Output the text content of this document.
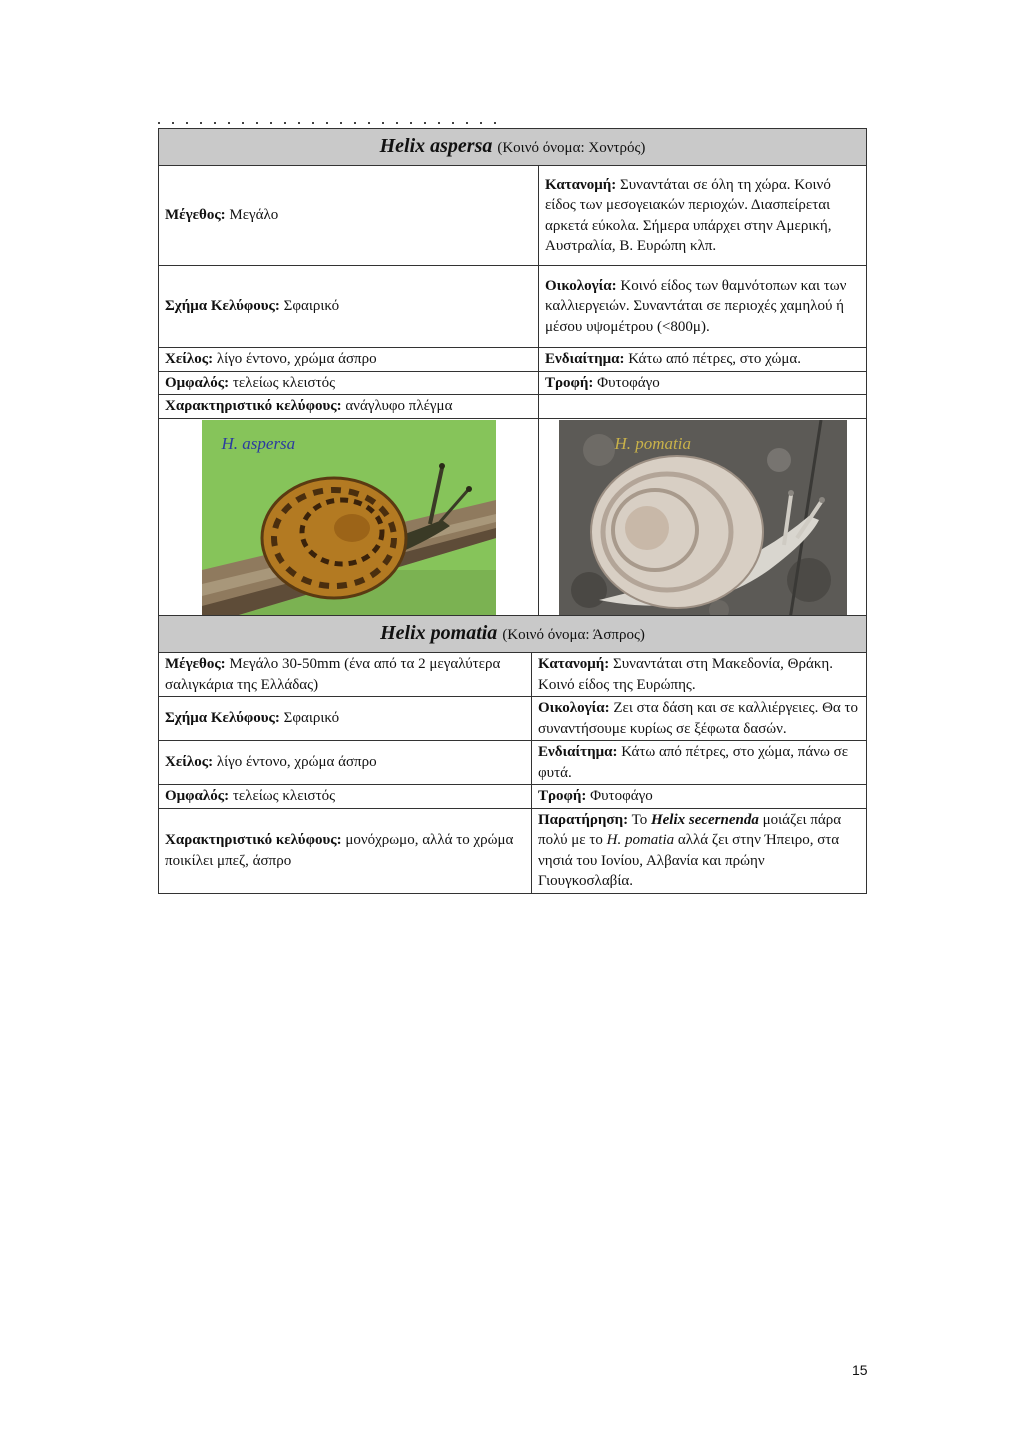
Helix aspersa (Κοινό όνομα: Χοντρός)	
Μέγεθος: Μεγάλο	Κατανομή: Συναντάται σε όλη τη χώρα. Κοινό είδος των μεσογειακών περιοχών. Διασπείρεται αρκετά εύκολα. Σήμερα υπάρχει στην Αμερική, Αυστραλία, Β. Ευρώπη κλπ.
Σχήμα Κελύφους: Σφαιρικό	Οικολογία: Κοινό είδος των θαμνότοπων και των καλλιεργειών. Συναντάται σε περιοχές χαμηλού ή μέσου υψομέτρου (<800μ).
Χείλος: λίγο έντονο, χρώμα άσπρο	Ενδιαίτημα: Κάτω από πέτρες, στο χώμα.
Ομφαλός: τελείως κλειστός	Τροφή: Φυτοφάγο
Χαρακτηριστικό κελύφους: ανάγλυφο πλέγμα	

H. aspersa	H. pomatia
Helix pomatia (Κοινό όνομα: Άσπρος)	
Μέγεθος: Μεγάλο 30-50mm (ένα από τα 2 μεγαλύτερα σαλιγκάρια της Ελλάδας)	Κατανομή: Συναντάται στη Μακεδονία, Θράκη. Κοινό είδος της Ευρώπης.
Σχήμα Κελύφους: Σφαιρικό	Οικολογία: Ζει στα δάση και σε καλλιέργειες. Θα το συναντήσουμε κυρίως σε ξέφωτα δασών.
Χείλος: λίγο έντονο, χρώμα άσπρο	Ενδιαίτημα: Κάτω από πέτρες, στο χώμα, πάνω σε φυτά.
Ομφαλός: τελείως κλειστός	Τροφή: Φυτοφάγο
Χαρακτηριστικό κελύφους: μονόχρωμο, αλλά το χρώμα ποικίλει μπεζ, άσπρο	Παρατήρηση: Το Helix secernenda μοιάζει πάρα πολύ με το H. pomatia αλλά ζει στην Ήπειρο, στα νησιά του Ιονίου, Αλβανία και πρώην Γιουγκοσλαβία.
15
